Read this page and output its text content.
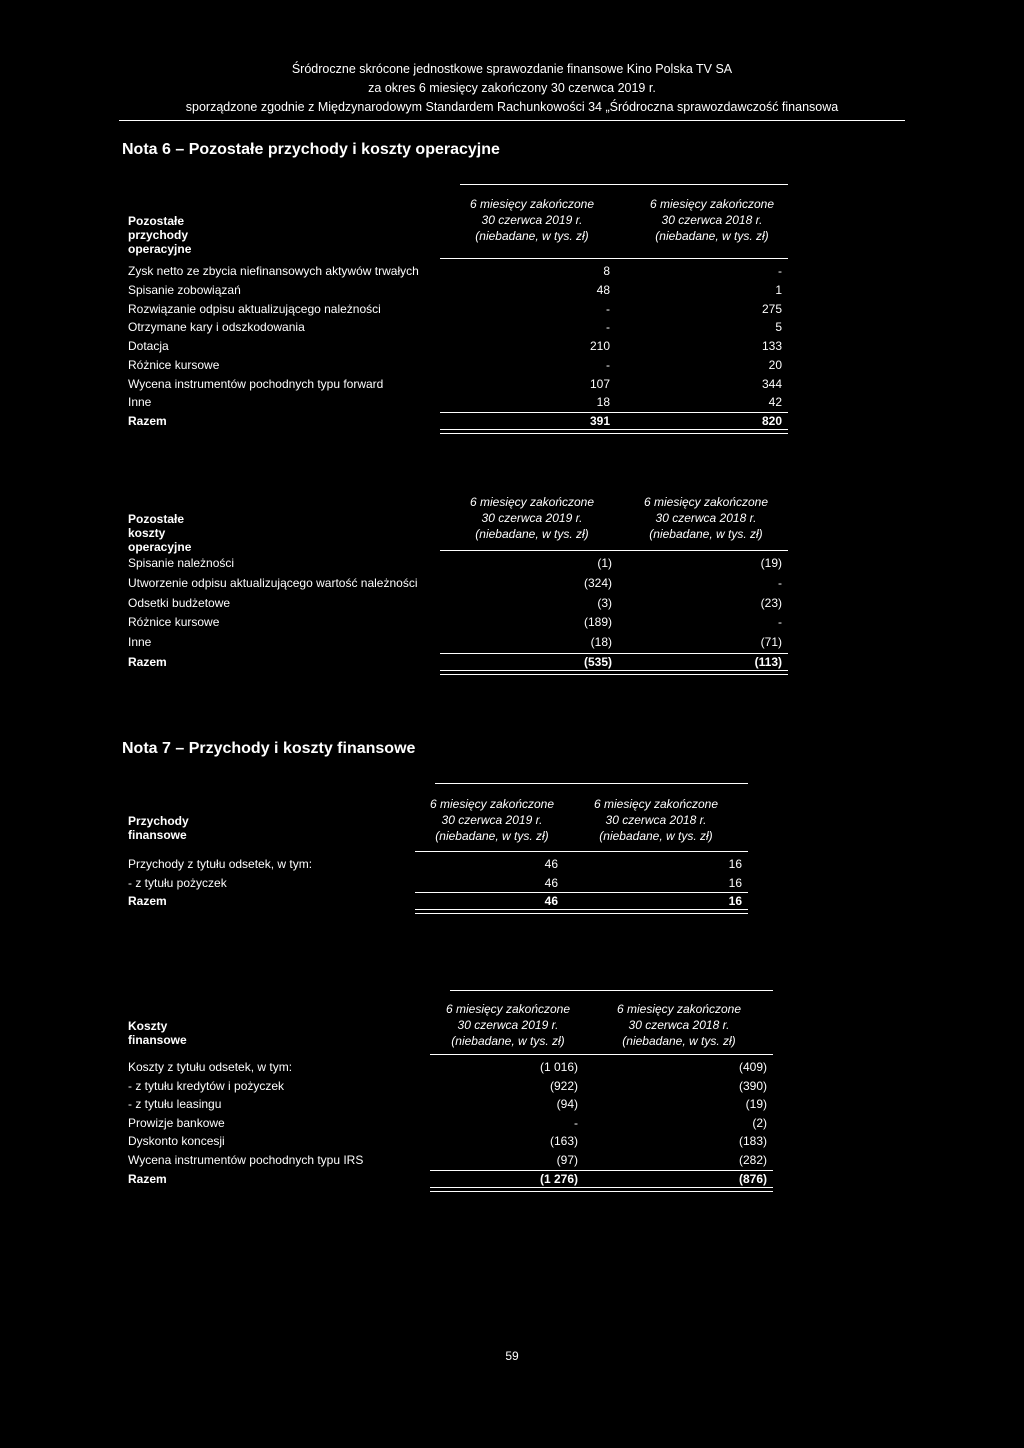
Śródroczne skrócone jednostkowe sprawozdanie finansowe Kino Polska TV SA
za okres 6 miesięcy zakończony 30 czerwca 2019 r.
sporządzone zgodnie z Międzynarodowym Standardem Rachunkowości 34 „Śródroczna sprawozdawczość finansowa
Nota 6 – Pozostałe przychody i koszty operacyjne
Pozostałe przychody operacyjne
6 miesięcy zakończone
30 czerwca 2019 r.
(niebadane, w tys. zł)
6 miesięcy zakończone
30 czerwca 2018 r.
(niebadane, w tys. zł)
Zysk netto ze zbycia niefinansowych aktywów trwałych	8	-
Spisanie zobowiązań	48	1
Rozwiązanie odpisu aktualizującego należności	-	275
Otrzymane kary i odszkodowania	-	5
Dotacja	210	133
Różnice kursowe	-	20
Wycena instrumentów pochodnych typu forward	107	344
Inne	18	42
Razem	391	820
Pozostałe koszty operacyjne
6 miesięcy zakończone
30 czerwca 2019 r.
(niebadane, w tys. zł)
6 miesięcy zakończone
30 czerwca 2018 r.
(niebadane, w tys. zł)
Spisanie należności	(1)	(19)
Utworzenie odpisu aktualizującego wartość należności	(324)	-
Odsetki budżetowe	(3)	(23)
Różnice kursowe	(189)	-
Inne	(18)	(71)
Razem	(535)	(113)
Nota 7 – Przychody i koszty finansowe
Przychody finansowe
6 miesięcy zakończone
30 czerwca 2019 r.
(niebadane, w tys. zł)
6 miesięcy zakończone
30 czerwca 2018 r.
(niebadane, w tys. zł)
Przychody z tytułu odsetek, w tym:	46	16
- z tytułu pożyczek	46	16
Razem	46	16
Koszty finansowe
6 miesięcy zakończone
30 czerwca 2019 r.
(niebadane, w tys. zł)
6 miesięcy zakończone
30 czerwca 2018 r.
(niebadane, w tys. zł)
Koszty z tytułu odsetek, w tym:	(1 016)	(409)
- z tytułu kredytów i pożyczek	(922)	(390)
- z tytułu leasingu	(94)	(19)
Prowizje bankowe	-	(2)
Dyskonto koncesji	(163)	(183)
Wycena instrumentów pochodnych typu IRS	(97)	(282)
Razem	(1 276)	(876)
59
